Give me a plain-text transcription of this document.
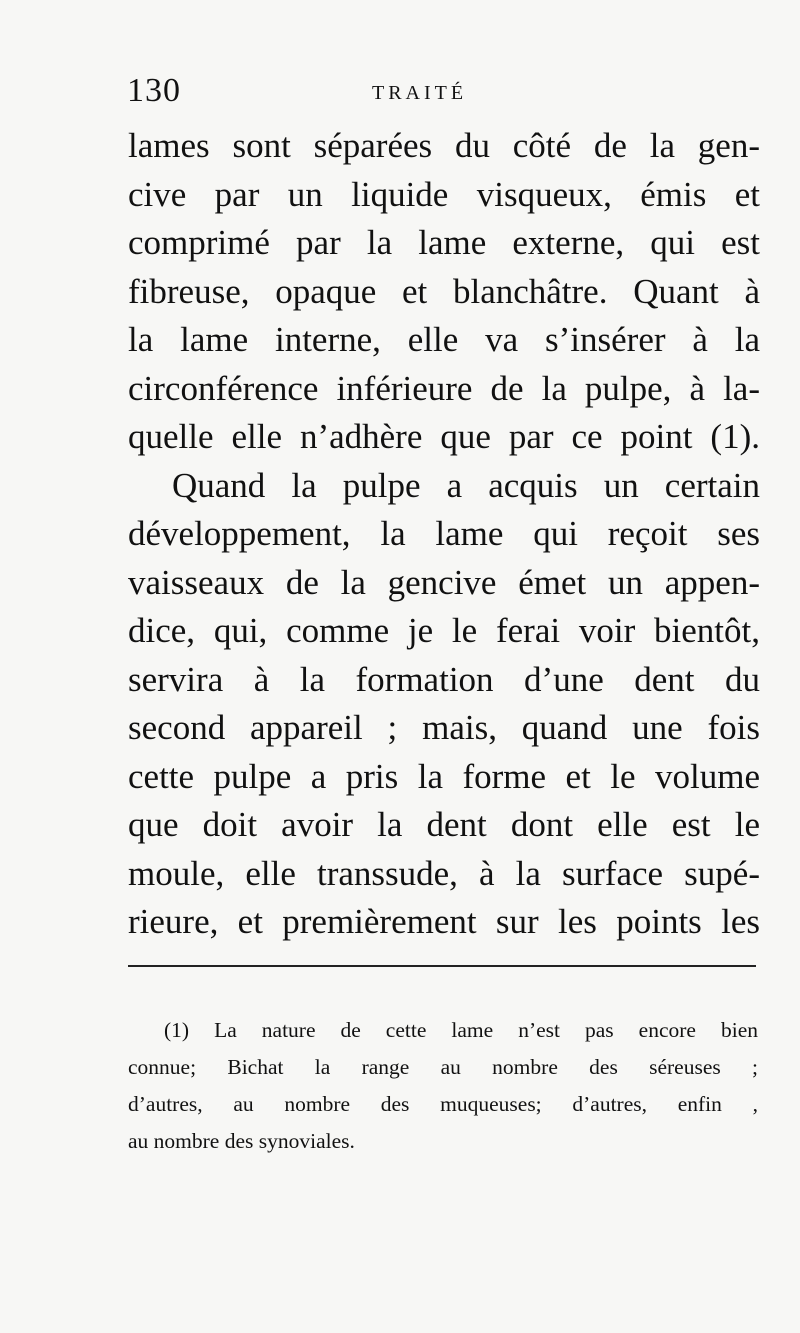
130	TRAITÉ
lames sont séparées du côté de la gen-
cive par un liquide visqueux, émis et
comprimé par la lame externe, qui est
fibreuse, opaque et blanchâtre. Quant à
la lame interne, elle va s’insérer à la
circonférence inférieure de la pulpe, à la-
quelle elle n’adhère que par ce point (1).
Quand la pulpe a acquis un certain
développement, la lame qui reçoit ses
vaisseaux de la gencive émet un appen-
dice, qui, comme je le ferai voir bientôt,
servira à la formation d’une dent du
second appareil ; mais, quand une fois
cette pulpe a pris la forme et le volume
que doit avoir la dent dont elle est le
moule, elle transsude, à la surface supé-
rieure, et premièrement sur les points les
(1) La nature de cette lame n’est pas encore bien
connue; Bichat la range au nombre des séreuses ;
d’autres, au nombre des muqueuses; d’autres, enfin ,
au nombre des synoviales.
